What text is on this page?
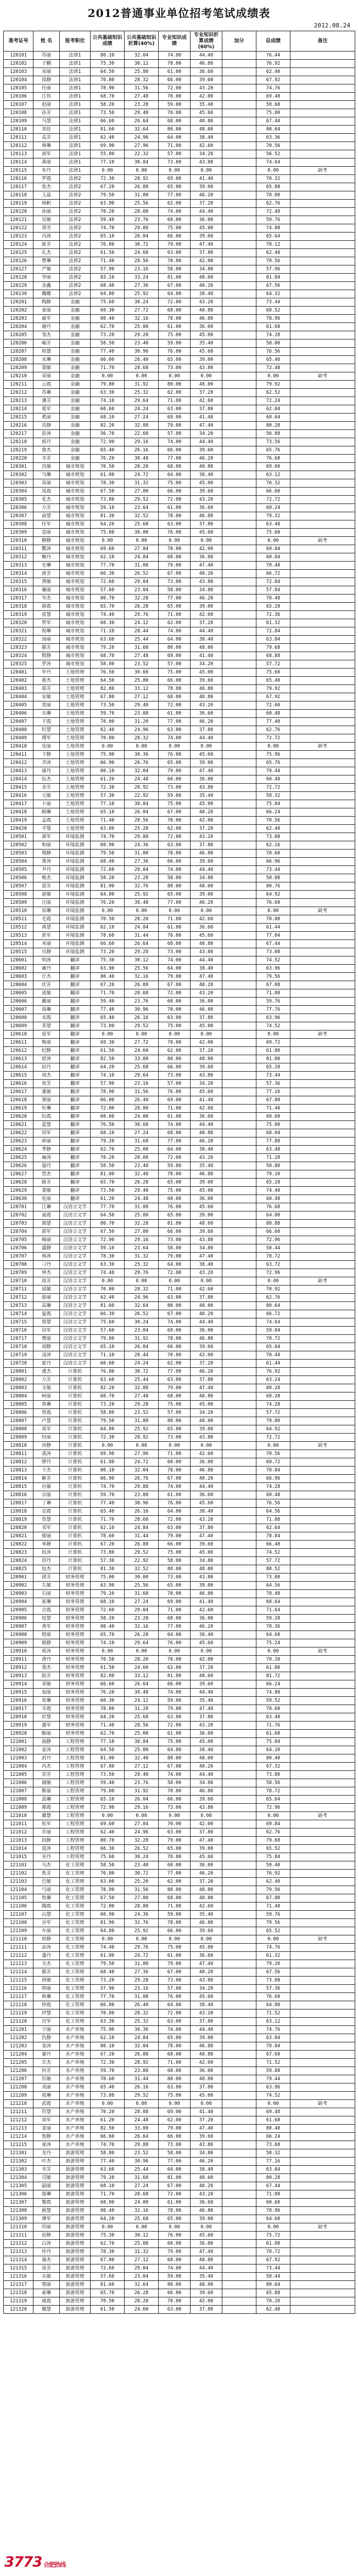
2012普通事业单位招考笔试成绩表
2012.08.24
准考证号	姓 名	报考职位	公共基础知识成绩	公共基础知识折算(40%)	专业知识成绩	专业知识折算成绩(60%)	加分	总成绩	备注
120101	苏丽	法律1	80.10	32.04	74.00	44.40		76.44	
120102	于鹏	法律1	75.30	30.12	78.00	46.80		76.92	
120103	宋丽	法律1	64.50	25.80	61.00	36.60		62.40	
120104	徐静	法律1	70.80	28.32	66.00	39.60		67.92	
120105	任丽	法律1	78.90	31.56	72.00	43.20		74.76	
120106	江伟	法律1	68.70	27.48	70.00	42.00		69.48	
120107	赵丽	法律1	58.20	23.28	59.00	35.40		58.68	
120108	孙芳	法律1	73.50	29.40	76.00	45.60		75.00	
120109	马慧	法律1	66.60	26.64	68.00	40.80		67.44	
120110	刘佳	法律1	81.60	32.64	80.00	48.00		80.64	
120111	高芳	法律1	62.40	24.96	64.00	38.40		63.36	
120112	林琳	法律1	69.90	27.96	71.00	42.60		70.56	
120113	胡军	法律1	55.80	22.32	57.00	34.20		56.52	
120114	黄丽	法律1	77.10	30.84	73.00	43.80		74.64	
120115	朱丹	法律1	0.00	0.00	0.00	0.00		0.00	缺考
120116	罗霞	法律2	72.30	28.92	69.00	41.40		70.32	
120117	张杰	法律2	67.20	26.88	65.00	39.00		65.88	
120118	王晶	法律2	79.50	31.80	77.00	46.20		78.00	
120119	杨帆	法律2	63.90	25.56	62.00	37.20		62.76	
120120	孙丽	法律2	70.20	28.08	74.00	44.40		72.48	
120121	吴敏	法律2	59.40	23.76	60.00	36.00		59.76	
120122	郑雪	法律2	74.70	29.88	75.00	45.00		74.88	
120123	冯涛	法律2	65.10	26.04	66.00	39.60		65.64	
120124	陈芳	法律2	76.80	30.72	79.00	47.40		78.12	
120125	孔杰	法律2	61.50	24.60	63.00	37.80		62.40	
120126	曹琳	法律2	71.40	28.56	70.00	42.00		70.56	
120127	严敏	法律2	57.90	23.16	58.00	34.80		57.96	
120128	华丽	法律2	83.10	33.24	81.00	48.60		81.84	
120129	金鑫	法律2	68.40	27.36	67.00	40.20		67.56	
120130	魏娜	法律2	64.80	25.92	64.00	38.40		64.32	
120201	陶静	金融	75.60	30.24	72.00	43.20		73.44	
120202	姜丽	金融	69.30	27.72	68.00	40.80		68.52	
120203	戚军	金融	80.40	32.16	78.00	46.80		78.96	
120204	谢丹	金融	62.70	25.08	61.00	36.60		61.68	
120205	邹杰	金融	73.20	29.28	75.00	45.00		74.28	
120206	喻芳	金融	58.50	23.40	59.00	35.40		58.80	
120207	柏慧	金融	77.40	30.96	76.00	45.60		76.56	
120208	水琳	金融	66.00	26.40	65.00	39.00		65.40	
120209	窦敏	金融	71.70	28.68	73.00	43.80		72.48	
120210	章丽	金融	0.00	0.00	0.00	0.00		0.00	缺考
120211	云霞	金融	79.80	31.92	80.00	48.00		79.92	
120212	苏琳	金融	63.30	25.32	62.00	37.20		62.52	
120213	潘芳	金融	74.10	29.64	71.00	42.60		72.24	
120214	葛军	金融	60.60	24.24	63.00	37.80		62.04	
120215	奚丽	金融	68.10	27.24	69.00	41.40		68.64	
120216	范静	金融	82.20	32.88	79.00	47.40		80.28	
120217	彭涛	金融	56.70	22.68	57.00	34.20		56.88	
120218	郎丹	金融	72.90	29.16	74.00	44.40		73.56	
120219	鲁杰	金融	65.40	26.16	66.00	39.60		65.76	
120220	韦芳	金融	76.20	30.48	77.00	46.20		76.68	
120301	昌敏	城市规划	70.50	28.20	68.00	40.80		69.00	
120302	马琳	城市规划	61.80	24.72	64.00	38.40		63.12	
120303	苗丽	城市规划	78.30	31.32	75.00	45.00		76.32	
120304	凤霞	城市规划	67.50	27.00	66.00	39.60		66.60	
120305	花杰	城市规划	73.80	29.52	72.00	43.20		72.72	
120306	方芳	城市规划	59.10	23.64	61.00	36.60		60.24	
120307	俞慧	城市规划	81.30	32.52	78.00	46.80		79.32	
120308	任军	城市规划	64.20	25.68	63.00	37.80		63.48	
120309	袁丽	城市规划	75.00	30.00	76.00	45.60		75.60	
120310	柳静	城市规划	0.00	0.00	0.00	0.00		0.00	缺考
120311	酆涛	城市规划	69.60	27.84	70.00	42.00		69.84	
120312	鲍丹	城市规划	62.10	24.84	60.00	36.00		60.84	
120313	史琳	城市规划	77.70	31.08	79.00	47.40		78.48	
120314	唐芳	城市规划	66.30	26.52	67.00	40.20		66.72	
120315	费敏	城市规划	72.60	29.04	73.00	43.80		72.84	
120316	廉丽	城市规划	57.60	23.04	58.00	34.80		57.84	
120317	岑杰	城市规划	80.70	32.28	77.00	46.20		78.48	
120318	薛霞	城市规划	65.70	26.28	65.00	39.00		65.28	
120319	雷慧	城市规划	74.40	29.76	71.00	42.60		72.36	
120320	贺军	城市规划	60.30	24.12	62.00	37.20		61.32	
120321	倪琳	城市规划	71.10	28.44	74.00	44.40		72.84	
120322	汤丽	城市规划	63.60	25.44	64.00	38.40		63.84	
120323	滕芳	城市规划	79.20	31.68	80.00	48.00		79.68	
120324	殷静	城市规划	68.70	27.48	69.00	41.40		68.88	
120325	罗涛	城市规划	58.80	23.52	57.00	34.20		57.72	
120401	毕丹	土地管理	76.50	30.60	75.00	45.00		75.60	
120402	郝杰	土地管理	64.50	25.80	66.00	39.60		65.40	
120403	邬芳	土地管理	82.80	33.12	78.00	46.80		79.92	
120404	安敏	土地管理	67.80	27.12	68.00	40.80		67.92	
120405	常丽	土地管理	73.50	29.40	72.00	43.20		72.60	
120406	乐琳	土地管理	59.70	23.88	61.00	36.60		60.48	
120407	于霞	土地管理	78.00	31.20	77.00	46.20		77.40	
120408	时慧	土地管理	62.40	24.96	63.00	37.80		62.76	
120409	傅军	土地管理	70.80	28.32	74.00	44.40		72.72	
120410	皮丽	土地管理	0.00	0.00	0.00	0.00		0.00	缺考
120411	卞静	土地管理	75.90	30.36	76.00	45.60		75.96	
120412	齐涛	土地管理	66.90	26.76	65.00	39.00		65.76	
120413	康丹	土地管理	80.10	32.04	79.00	47.40		79.44	
120414	伍杰	土地管理	61.20	24.48	60.00	36.00		60.48	
120415	余芳	土地管理	72.30	28.92	73.00	43.80		72.72	
120416	元敏	土地管理	57.30	22.92	59.00	35.40		58.32	
120417	卜丽	土地管理	77.10	30.84	75.00	45.00		75.84	
120418	顾琳	土地管理	65.10	26.04	67.00	40.20		66.24	
120419	孟霞	土地管理	71.40	28.56	70.00	42.00		70.56	
120420	平慧	土地管理	63.00	25.20	62.00	37.20		62.40	
120501	黄军	环境监测	74.70	29.88	72.00	43.20		73.08	
120502	和丽	环境监测	60.90	24.36	63.00	37.80		62.16	
120503	穆静	环境监测	79.50	31.80	78.00	46.80		78.60	
120504	萧涛	环境监测	68.40	27.36	66.00	39.60		66.96	
120505	尹丹	环境监测	72.60	29.04	74.00	44.40		73.44	
120506	姚杰	环境监测	58.20	23.28	58.00	34.80		58.08	
120507	邵芳	环境监测	81.90	32.76	80.00	48.00		80.76	
120508	湛敏	环境监测	64.80	25.92	65.00	39.00		64.92	
120509	汪丽	环境监测	76.20	30.48	77.00	46.20		76.68	
120510	祁琳	环境监测	0.00	0.00	0.00	0.00		0.00	缺考
120511	毛霞	环境监测	70.50	28.20	71.00	42.60		70.80	
120512	禹慧	环境监测	62.10	24.84	61.00	36.60		61.44	
120513	狄军	环境监测	78.60	31.44	76.00	45.60		77.04	
120514	米丽	环境监测	66.60	26.64	68.00	40.80		67.44	
120515	贝静	环境监测	73.20	29.28	73.00	43.80		73.08	
120601	明涛	翻译	75.30	30.12	74.00	44.40		74.52	
120602	臧丹	翻译	63.90	25.56	64.00	38.40		63.96	
120603	计杰	翻译	80.40	32.16	79.00	47.40		79.56	
120604	伏芳	翻译	67.20	26.88	67.00	40.20		67.08	
120605	成敏	翻译	71.70	28.68	72.00	43.20		71.88	
120606	戴丽	翻译	59.40	23.76	60.00	36.00		59.76	
120607	谈琳	翻译	77.40	30.96	78.00	46.80		77.76	
120608	宋霞	翻译	65.40	26.16	63.00	37.80		63.96	
120609	茅慧	翻译	73.80	29.52	75.00	45.00		74.52	
120610	庞军	翻译	0.00	0.00	0.00	0.00		0.00	缺考
120611	熊丽	翻译	69.30	27.72	70.00	42.00		69.72	
120612	纪静	翻译	61.50	24.60	62.00	37.20		61.80	
120613	舒涛	翻译	82.50	33.00	80.00	48.00		81.00	
120614	屈丹	翻译	64.20	25.68	66.00	39.60		65.28	
120615	项杰	翻译	74.10	29.64	73.00	43.80		73.44	
120616	祝芳	翻译	57.90	23.16	57.00	34.20		57.36	
120617	董敏	翻译	78.90	31.56	76.00	45.60		77.16	
120618	梁丽	翻译	66.00	26.40	69.00	41.40		67.80	
120619	杜琳	翻译	72.00	28.80	71.00	42.60		71.40	
120620	阮霞	翻译	60.00	24.00	61.00	36.60		60.60	
120621	蓝慧	翻译	76.50	30.60	74.00	44.40		75.00	
120622	闵军	翻译	68.10	27.24	68.00	40.80		68.04	
120623	席丽	翻译	79.20	31.68	77.00	46.20		77.88	
120624	季静	翻译	62.70	25.08	64.00	38.40		63.48	
120625	麻涛	翻译	70.20	28.08	72.00	43.20		71.28	
120626	强丹	翻译	58.50	23.40	59.00	35.40		58.80	
120627	贾杰	翻译	81.00	32.40	78.00	46.80		79.20	
120628	路芳	翻译	65.70	26.28	65.00	39.00		65.28	
120629	娄敏	翻译	73.50	29.40	75.00	45.00		74.40	
120630	危丽	翻译	61.20	24.48	60.00	36.00		60.48	
120701	江琳	汉语言文学	77.70	31.08	76.00	45.60		76.68	
120702	童霞	汉语言文学	64.50	25.80	65.00	39.00		64.80	
120703	颜慧	汉语言文学	80.70	32.28	81.00	48.60		80.88	
120704	郭军	汉语言文学	67.50	27.00	66.00	39.60		66.60	
120705	梅丽	汉语言文学	72.90	29.16	73.00	43.80		72.96	
120706	盛静	汉语言文学	59.10	23.64	58.00	34.80		58.44	
120707	林涛	汉语言文学	78.30	31.32	79.00	47.40		78.72	
120708	刁丹	汉语言文学	63.30	25.32	64.00	38.40		63.72	
120709	钟杰	汉语言文学	74.40	29.76	72.00	43.20		72.96	
120710	徐芳	汉语言文学	0.00	0.00	0.00	0.00		0.00	缺考
120711	邱敏	汉语言文学	70.80	28.32	71.00	42.60		70.92	
120712	骆丽	汉语言文学	62.40	24.96	63.00	37.80		62.76	
120713	高琳	汉语言文学	81.60	32.64	80.00	48.00		80.64	
120714	夏霞	汉语言文学	66.30	26.52	67.00	40.20		66.72	
120715	蔡慧	汉语言文学	75.60	30.24	74.00	44.40		74.64	
120716	田军	汉语言文学	57.60	23.04	60.00	36.00		59.04	
120717	樊丽	汉语言文学	79.80	31.92	78.00	46.80		78.72	
120718	胡静	汉语言文学	65.10	26.04	66.00	39.60		65.64	
120719	凌涛	汉语言文学	71.10	28.44	70.00	42.00		70.44	
120720	霍丹	汉语言文学	60.60	24.24	62.00	37.20		61.44	
120801	虞杰	计算机	76.80	30.72	77.00	46.20		76.92	
120802	万芳	计算机	63.60	25.44	63.00	37.80		63.24	
120803	支敏	计算机	82.20	32.88	79.00	47.40		80.28	
120804	柯丽	计算机	68.70	27.48	68.00	40.80		68.28	
120805	昝琳	计算机	73.20	29.28	75.00	45.00		74.28	
120806	管霞	计算机	58.80	23.52	57.00	34.20		57.72	
120807	卢慧	计算机	79.50	31.80	80.00	48.00		79.80	
120808	莫军	计算机	64.80	25.92	65.00	39.00		64.92	
120809	经丽	计算机	72.30	28.92	73.00	43.80		72.72	
120810	房静	计算机	0.00	0.00	0.00	0.00		0.00	缺考
120811	裘涛	计算机	69.90	27.96	71.00	42.60		70.56	
120812	缪丹	计算机	61.80	24.72	60.00	36.00		60.72	
120813	干杰	计算机	80.10	32.04	78.00	46.80		78.84	
120814	解芳	计算机	66.90	26.76	67.00	40.20		66.96	
120815	应敏	计算机	74.70	29.88	74.00	44.40		74.28	
120816	宗丽	计算机	59.70	23.88	61.00	36.60		60.48	
120817	丁琳	计算机	77.40	30.96	76.00	45.60		76.56	
120818	宣霞	计算机	65.40	26.16	64.00	38.40		64.56	
120819	贲慧	计算机	71.70	28.68	72.00	43.20		71.88	
120820	邓军	计算机	62.10	24.84	63.00	37.80		62.64	
120821	郁丽	计算机	78.60	31.44	79.00	47.40		78.84	
120822	单静	计算机	67.20	26.88	66.00	39.60		66.48	
120823	杭涛	计算机	73.80	29.52	75.00	45.00		74.52	
120824	洪丹	计算机	57.30	22.92	58.00	34.80		57.72	
120825	包杰	计算机	81.30	32.52	80.00	48.00		80.52	
120901	诸芳	财务管理	75.00	30.00	73.00	43.80		73.80	
120902	左敏	财务管理	63.90	25.56	65.00	39.00		64.56	
120903	石丽	财务管理	79.20	31.68	78.00	46.80		78.48	
120904	崔琳	财务管理	68.10	27.24	69.00	41.40		68.64	
120905	吉霞	财务管理	72.60	29.04	71.00	42.60		71.64	
120906	钮慧	财务管理	58.20	23.28	60.00	36.00		59.28	
120907	龚军	财务管理	80.40	32.16	77.00	46.20		78.36	
120908	程丽	财务管理	65.70	26.28	64.00	38.40		64.68	
120909	嵇静	财务管理	74.10	29.64	76.00	45.60		75.24	
120910	邢涛	财务管理	0.00	0.00	0.00	0.00		0.00	缺考
120911	滑丹	财务管理	70.50	28.20	70.00	42.00		70.20	
120912	裴杰	财务管理	61.50	24.60	62.00	37.20		61.80	
120913	陆芳	财务管理	82.80	33.12	81.00	48.60		81.72	
120914	荣敏	财务管理	66.60	26.64	66.00	39.60		66.24	
120915	翁丽	财务管理	76.20	30.48	74.00	44.40		74.88	
120916	荀琳	财务管理	60.30	24.12	59.00	35.40		59.52	
120917	羊霞	财务管理	78.00	31.20	79.00	47.40		78.60	
120918	於慧	财务管理	64.20	25.68	63.00	37.80		63.48	
120919	惠军	财务管理	71.40	28.56	72.00	43.20		71.76	
120920	甄丽	财务管理	62.70	25.08	61.00	36.60		61.68	
121001	曲静	工程管理	77.10	30.84	75.00	45.00		75.84	
121002	家涛	工程管理	64.50	25.80	64.00	38.40		64.20	
121003	封丹	工程管理	81.00	32.40	80.00	48.00		80.40	
121004	芮杰	工程管理	67.80	27.12	67.00	40.20		67.32	
121005	羿芳	工程管理	73.50	29.40	74.00	44.40		73.80	
121006	储敏	工程管理	59.40	23.76	58.00	34.80		58.56	
121007	靳丽	工程管理	79.80	31.92	78.00	46.80		78.72	
121008	汲琳	工程管理	65.10	26.04	66.00	39.60		65.64	
121009	邴霞	工程管理	72.90	29.16	73.00	43.80		72.96	
121010	糜慧	工程管理	0.00	0.00	0.00	0.00		0.00	缺考
121011	松军	工程管理	69.60	27.84	70.00	42.00		69.84	
121012	井丽	工程管理	62.40	24.96	63.00	37.80		62.76	
121013	段静	工程管理	80.70	32.28	79.00	47.40		79.68	
121014	富涛	工程管理	66.30	26.52	65.00	39.00		65.52	
121015	巫丹	工程管理	75.60	30.24	76.00	45.60		75.84	
121101	乌杰	化工管理	58.50	23.40	60.00	36.00		59.40	
121102	焦芳	化工管理	76.80	30.72	77.00	46.20		76.92	
121103	巴敏	化工管理	63.00	25.20	62.00	37.20		62.40	
121104	弓丽	化工管理	78.90	31.56	80.00	48.00		79.56	
121105	牧琳	化工管理	67.50	27.00	68.00	40.80		67.80	
121106	隗霞	化工管理	72.00	28.80	71.00	42.60		71.40	
121107	山慧	化工管理	60.90	24.36	59.00	35.40		59.76	
121108	谷军	化工管理	81.90	32.76	78.00	46.80		79.56	
121109	车丽	化工管理	64.80	25.92	66.00	39.60		65.52	
121110	侯静	化工管理	0.00	0.00	0.00	0.00		0.00	缺考
121111	宓涛	化工管理	74.40	29.76	75.00	45.00		74.76	
121112	蓬丹	化工管理	61.80	24.72	61.00	36.60		61.32	
121113	全杰	化工管理	79.50	31.80	79.00	47.40		79.20	
121114	郗芳	化工管理	68.40	27.36	67.00	40.20		67.56	
121115	班敏	化工管理	73.20	29.28	73.00	43.80		73.08	
121116	仰丽	化工管理	57.90	23.16	57.00	34.20		57.36	
121117	秋琳	化工管理	77.70	31.08	76.00	45.60		76.68	
121118	仲霞	化工管理	66.00	26.40	64.00	38.40		64.80	
121119	伊慧	化工管理	70.80	28.32	72.00	43.20		71.52	
121120	宫军	化工管理	63.30	25.32	63.00	37.80		63.12	
121201	宁丽	水产养殖	75.90	30.36	74.00	44.40		74.76	
121202	仇静	水产养殖	62.10	24.84	65.00	39.00		63.84	
121203	栾涛	水产养殖	80.10	32.04	78.00	46.80		78.84	
121204	暴丹	水产养殖	67.20	26.88	68.00	40.80		67.68	
121205	甘杰	水产养殖	72.30	28.92	71.00	42.60		71.52	
121206	钭芳	水产养殖	59.70	23.88	60.00	36.00		59.88	
121207	厉敏	水产养殖	78.60	31.44	80.00	48.00		79.44	
121208	戎丽	水产养殖	65.40	26.16	63.00	37.80		63.96	
121209	祖琳	水产养殖	73.80	29.52	75.00	45.00		74.52	
121210	武霞	水产养殖	0.00	0.00	0.00	0.00		0.00	缺考
121211	符慧	水产养殖	70.20	28.08	69.00	41.40		69.48	
121212	刘军	水产养殖	61.20	24.48	62.00	37.20		61.68	
121213	景丽	水产养殖	82.50	33.00	79.00	47.40		80.40	
121214	詹静	水产养殖	66.60	26.64	66.00	39.60		66.24	
121215	束涛	水产养殖	74.70	29.88	73.00	43.80		73.68	
121301	龙丹	旅游管理	58.80	23.52	58.00	34.80		58.32	
121302	叶杰	旅游管理	77.40	30.96	77.00	46.20		77.16	
121303	幸芳	旅游管理	63.60	25.44	64.00	38.40		63.84	
121304	司敏	旅游管理	79.20	31.68	81.00	48.60		80.28	
121305	韶丽	旅游管理	68.10	27.24	67.00	40.20		67.44	
121306	郜琳	旅游管理	71.70	28.68	72.00	43.20		71.88	
121307	黎霞	旅游管理	60.00	24.00	61.00	36.60		60.60	
121308	蓟慧	旅游管理	80.40	32.16	78.00	46.80		78.96	
121309	薄军	旅游管理	64.20	25.68	65.00	39.00		64.68	
121310	印丽	旅游管理	0.00	0.00	0.00	0.00		0.00	缺考
121311	宿静	旅游管理	75.30	30.12	76.00	45.60		75.72	
121312	白涛	旅游管理	62.70	25.08	60.00	36.00		61.08	
121313	怀丹	旅游管理	78.30	31.32	79.00	47.40		78.72	
121314	蒲杰	旅游管理	67.80	27.12	68.00	40.80		67.92	
121315	邰芳	旅游管理	72.60	29.04	74.00	44.40		73.44	
121316	从敏	旅游管理	57.60	23.04	59.00	35.40		58.44	
121317	鄂丽	旅游管理	81.60	32.64	80.00	48.00		80.64	
121318	索琳	旅游管理	65.70	26.28	66.00	39.60		65.88	
121319	咸霞	旅游管理	70.50	28.20	70.00	42.00		70.20	
121320	籍慧	旅游管理	61.50	24.60	63.00	37.80		62.40	
3773 合肥热线
